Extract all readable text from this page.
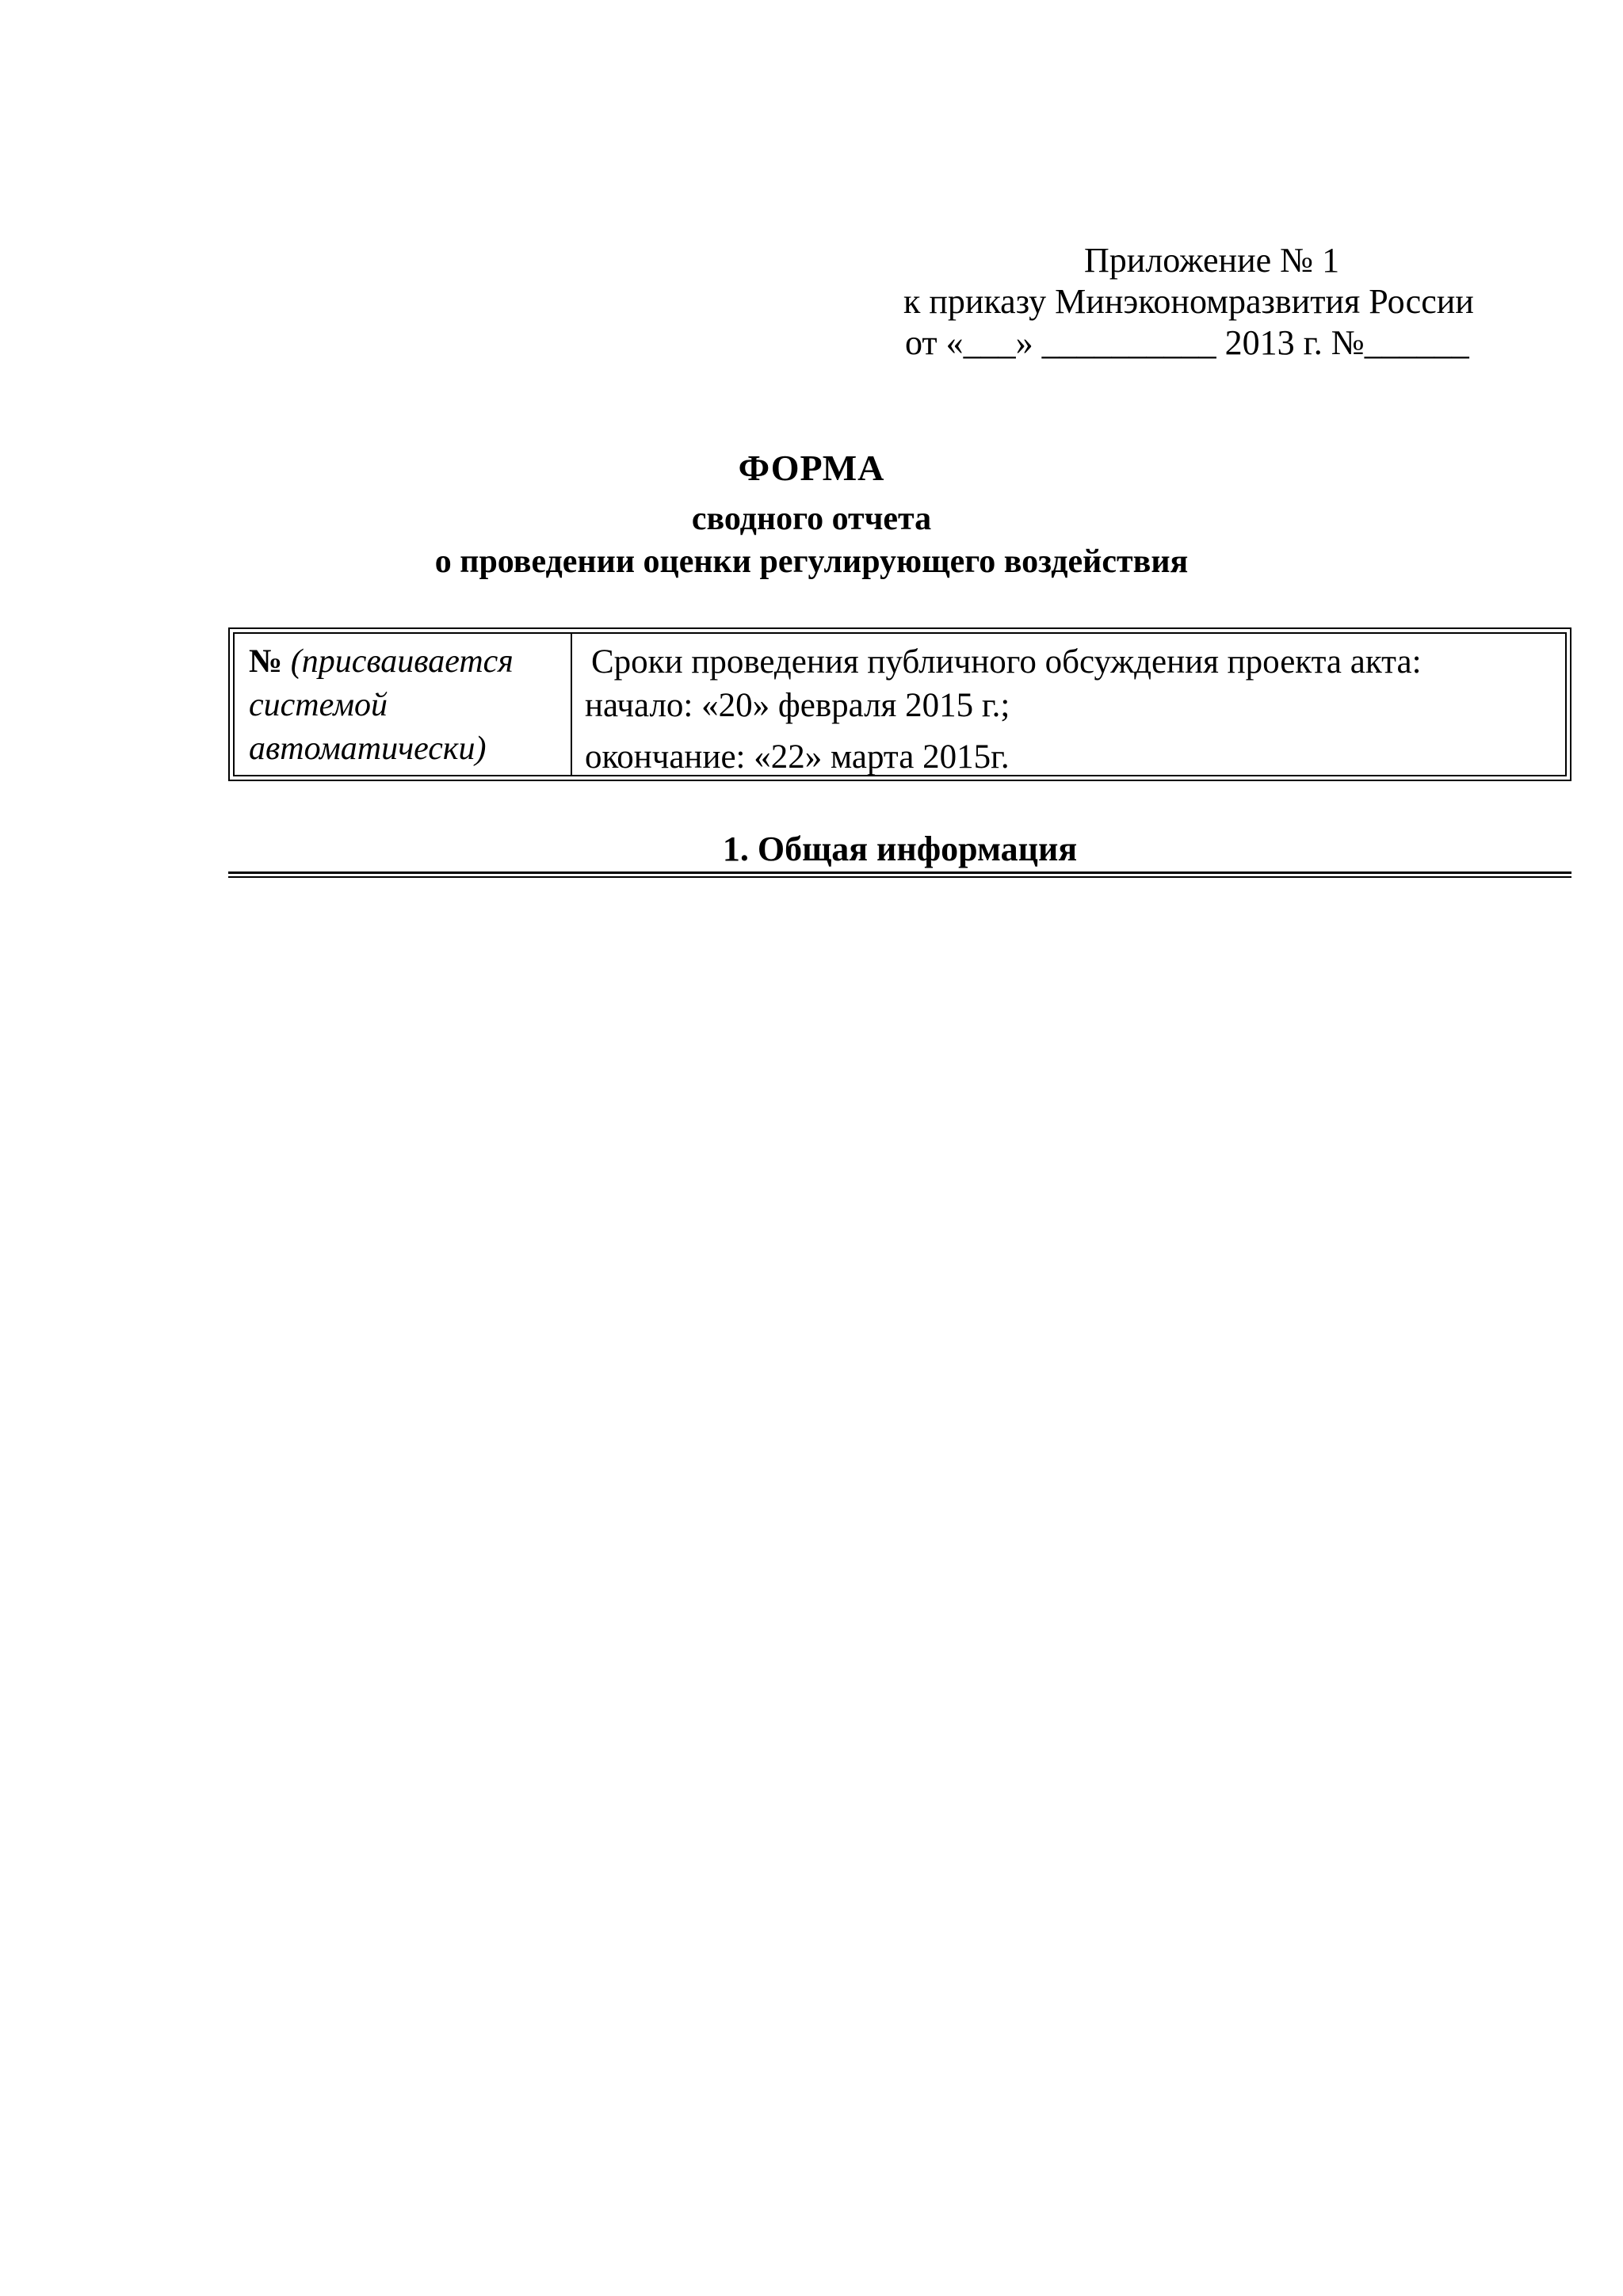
Приложение № 1
к приказу Минэкономразвития России
от «___» __________ 2013 г. №______
ФОРМА
сводного отчета
о проведении оценки регулирующего воздействия
№ (присваивается системой автоматически)
Сроки проведения публичного обсуждения проекта акта:
начало: «20» февраля 2015 г.;
окончание: «22» марта 2015г.
1. Общая информация
